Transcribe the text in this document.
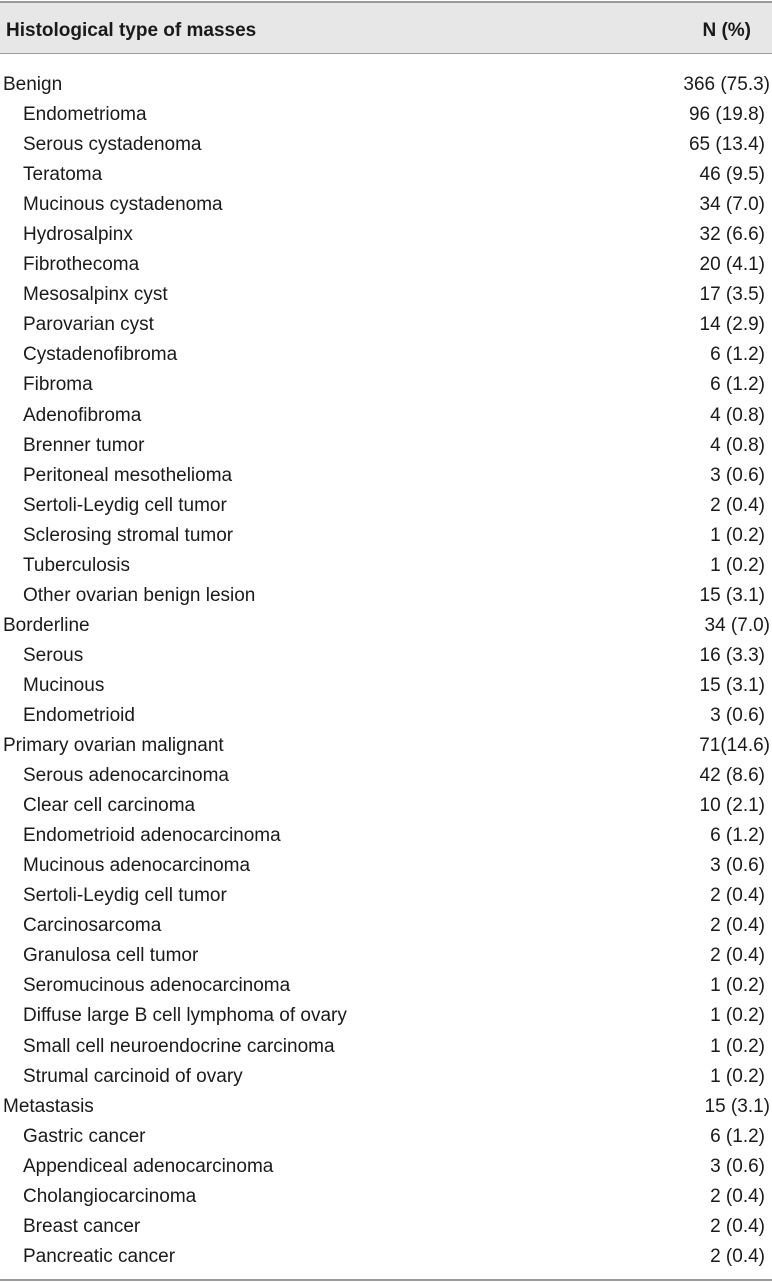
Histological type of masses	N (%)
Benign	366 (75.3)
Endometrioma	96 (19.8)
Serous cystadenoma	65 (13.4)
Teratoma	46 (9.5)
Mucinous cystadenoma	34 (7.0)
Hydrosalpinx	32 (6.6)
Fibrothecoma	20 (4.1)
Mesosalpinx cyst	17 (3.5)
Parovarian cyst	14 (2.9)
Cystadenofibroma	6 (1.2)
Fibroma	6 (1.2)
Adenofibroma	4 (0.8)
Brenner tumor	4 (0.8)
Peritoneal mesothelioma	3 (0.6)
Sertoli-Leydig cell tumor	2 (0.4)
Sclerosing stromal tumor	1 (0.2)
Tuberculosis	1 (0.2)
Other ovarian benign lesion	15 (3.1)
Borderline	34 (7.0)
Serous	16 (3.3)
Mucinous	15 (3.1)
Endometrioid	3 (0.6)
Primary ovarian malignant	71(14.6)
Serous adenocarcinoma	42 (8.6)
Clear cell carcinoma	10 (2.1)
Endometrioid adenocarcinoma	6 (1.2)
Mucinous adenocarcinoma	3 (0.6)
Sertoli-Leydig cell tumor	2 (0.4)
Carcinosarcoma	2 (0.4)
Granulosa cell tumor	2 (0.4)
Seromucinous adenocarcinoma	1 (0.2)
Diffuse large B cell lymphoma of ovary	1 (0.2)
Small cell neuroendocrine carcinoma	1 (0.2)
Strumal carcinoid of ovary	1 (0.2)
Metastasis	15 (3.1)
Gastric cancer	6 (1.2)
Appendiceal adenocarcinoma	3 (0.6)
Cholangiocarcinoma	2 (0.4)
Breast cancer	2 (0.4)
Pancreatic cancer	2 (0.4)
